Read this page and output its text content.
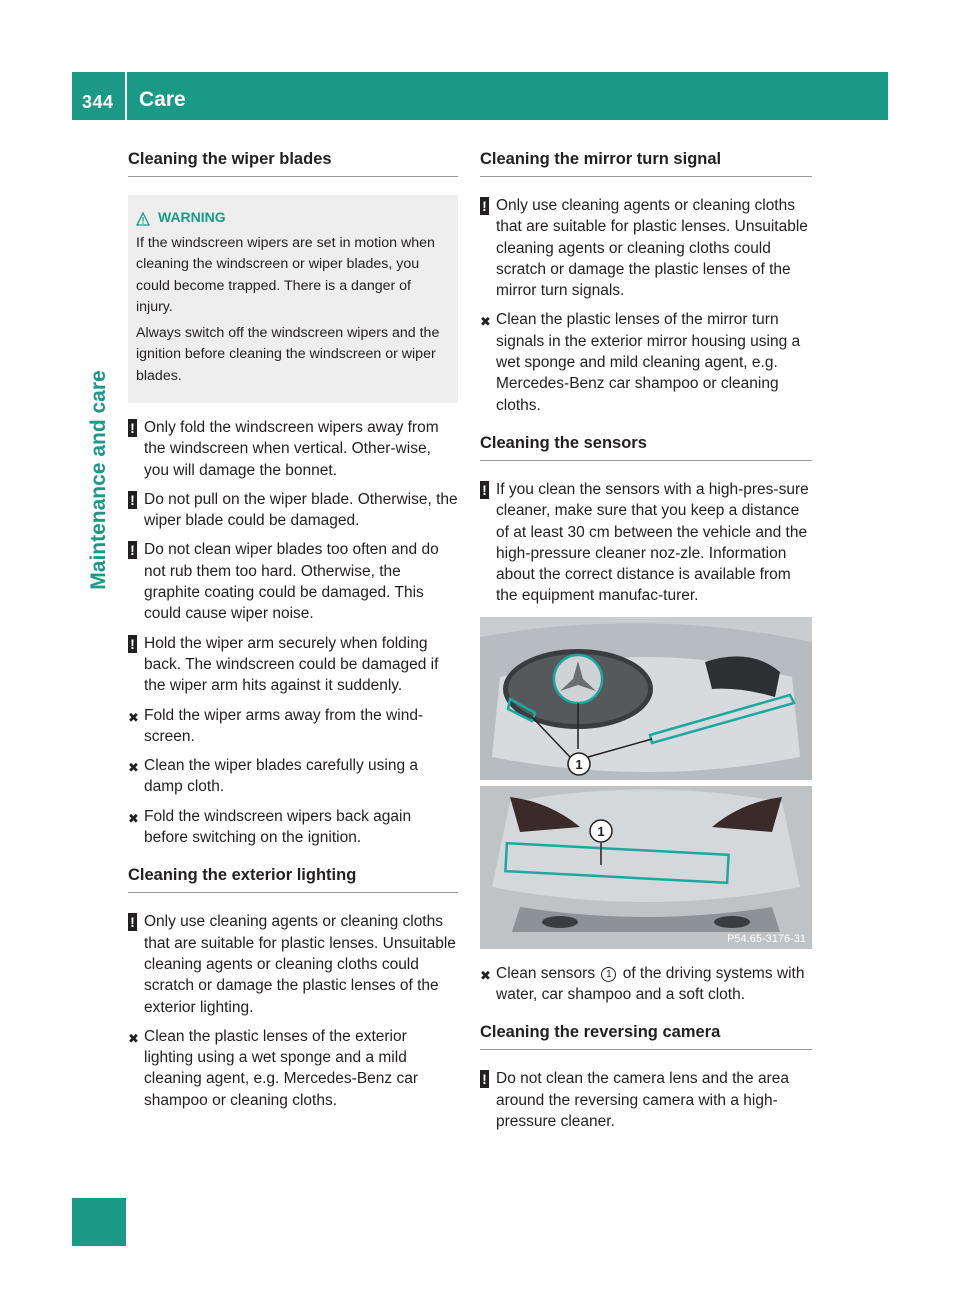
344 Care
Maintenance and care
Cleaning the wiper blades
WARNING

If the windscreen wipers are set in motion when cleaning the windscreen or wiper blades, you could become trapped. There is a danger of injury.

Always switch off the windscreen wipers and the ignition before cleaning the windscreen or wiper blades.

! Only fold the windscreen wipers away from the windscreen when vertical. Other-wise, you will damage the bonnet.
! Do not pull on the wiper blade. Otherwise, the wiper blade could be damaged.
! Do not clean wiper blades too often and do not rub them too hard. Otherwise, the graphite coating could be damaged. This could cause wiper noise.
! Hold the wiper arm securely when folding back. The windscreen could be damaged if the wiper arm hits against it suddenly.
✖ Fold the wiper arms away from the wind-screen.
✖ Clean the wiper blades carefully using a damp cloth.
✖ Fold the windscreen wipers back again before switching on the ignition.
Cleaning the exterior lighting
! Only use cleaning agents or cleaning cloths that are suitable for plastic lenses. Unsuitable cleaning agents or cleaning cloths could scratch or damage the plastic lenses of the exterior lighting.
✖ Clean the plastic lenses of the exterior lighting using a wet sponge and a mild cleaning agent, e.g. Mercedes-Benz car shampoo or cleaning cloths.
Cleaning the mirror turn signal
! Only use cleaning agents or cleaning cloths that are suitable for plastic lenses. Unsuitable cleaning agents or cleaning cloths could scratch or damage the plastic lenses of the mirror turn signals.
✖ Clean the plastic lenses of the mirror turn signals in the exterior mirror housing using a wet sponge and mild cleaning agent, e.g. Mercedes-Benz car shampoo or cleaning cloths.
Cleaning the sensors
! If you clean the sensors with a high-pres-sure cleaner, make sure that you keep a distance of at least 30 cm between the vehicle and the high-pressure cleaner noz-zle. Information about the correct distance is available from the equipment manufac-turer.
1
1
P54.65-3176-31
✖ Clean sensors 1 of the driving systems with water, car shampoo and a soft cloth.
Cleaning the reversing camera
! Do not clean the camera lens and the area around the reversing camera with a high-pressure cleaner.
